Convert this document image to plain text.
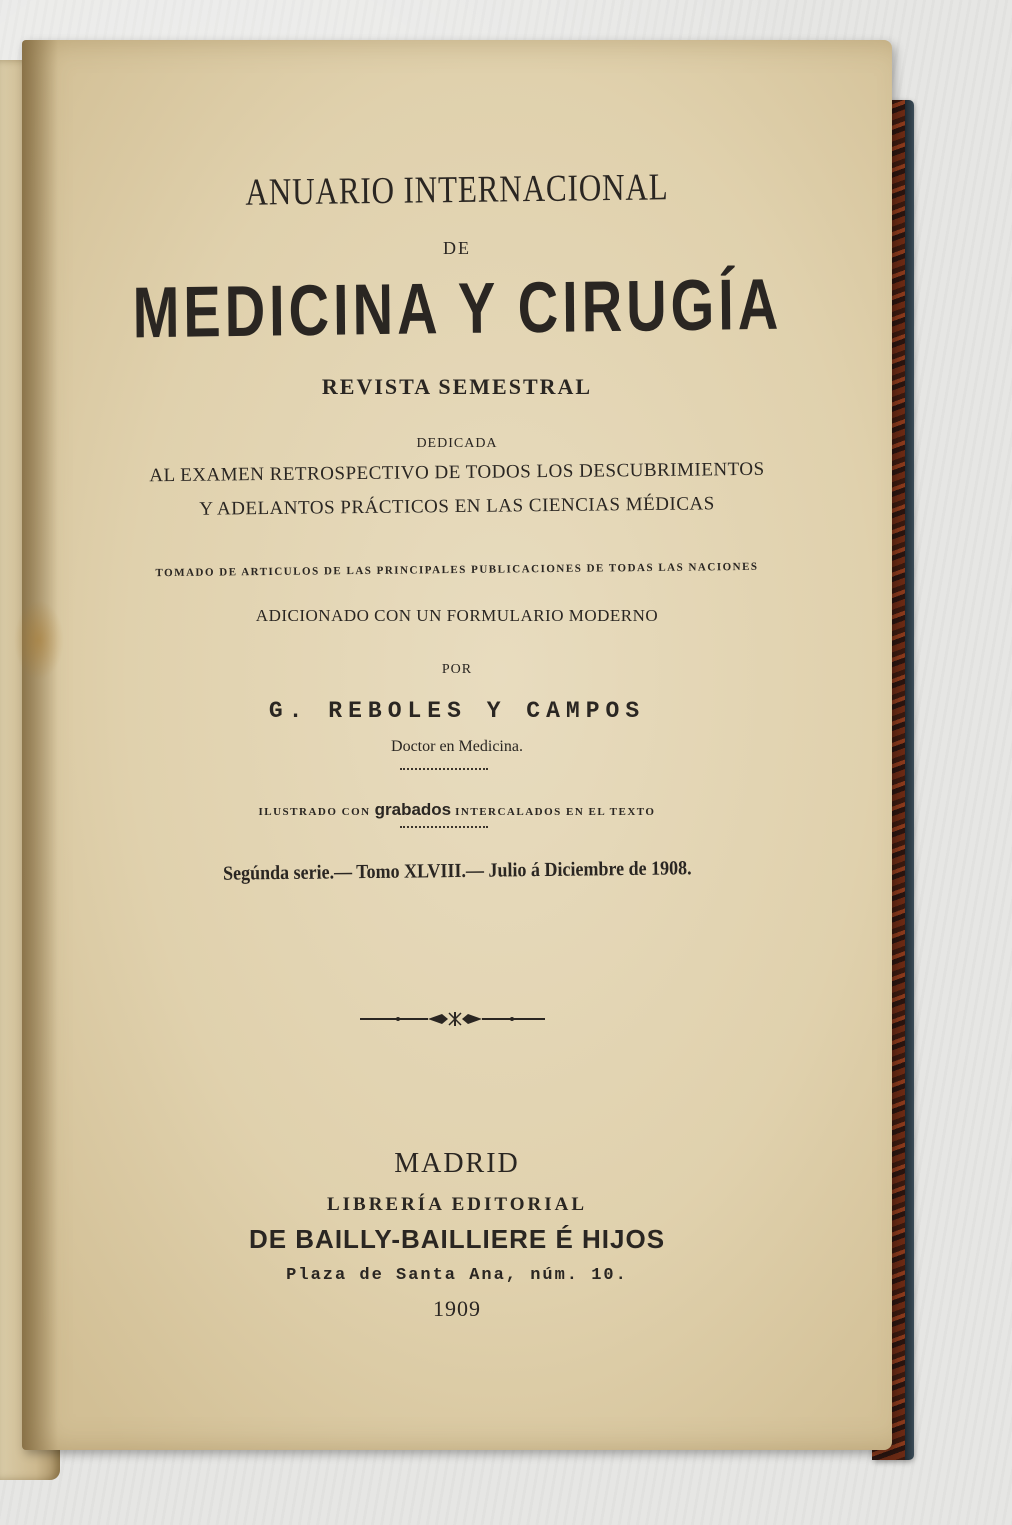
ANUARIO INTERNACIONAL
DE
MEDICINA Y CIRUGÍA
REVISTA SEMESTRAL
DEDICADA
AL EXAMEN RETROSPECTIVO DE TODOS LOS DESCUBRIMIENTOS
Y ADELANTOS PRÁCTICOS EN LAS CIENCIAS MÉDICAS
TOMADO DE ARTICULOS DE LAS PRINCIPALES PUBLICACIONES DE TODAS LAS NACIONES
ADICIONADO CON UN FORMULARIO MODERNO
POR
G. REBOLES Y CAMPOS
Doctor en Medicina.
ILUSTRADO CON grabados INTERCALADOS EN EL TEXTO
Segúnda serie.— Tomo XLVIII.— Julio á Diciembre de 1908.
MADRID
LIBRERÍA EDITORIAL
DE BAILLY-BAILLIERE É HIJOS
Plaza de Santa Ana, núm. 10.
1909
